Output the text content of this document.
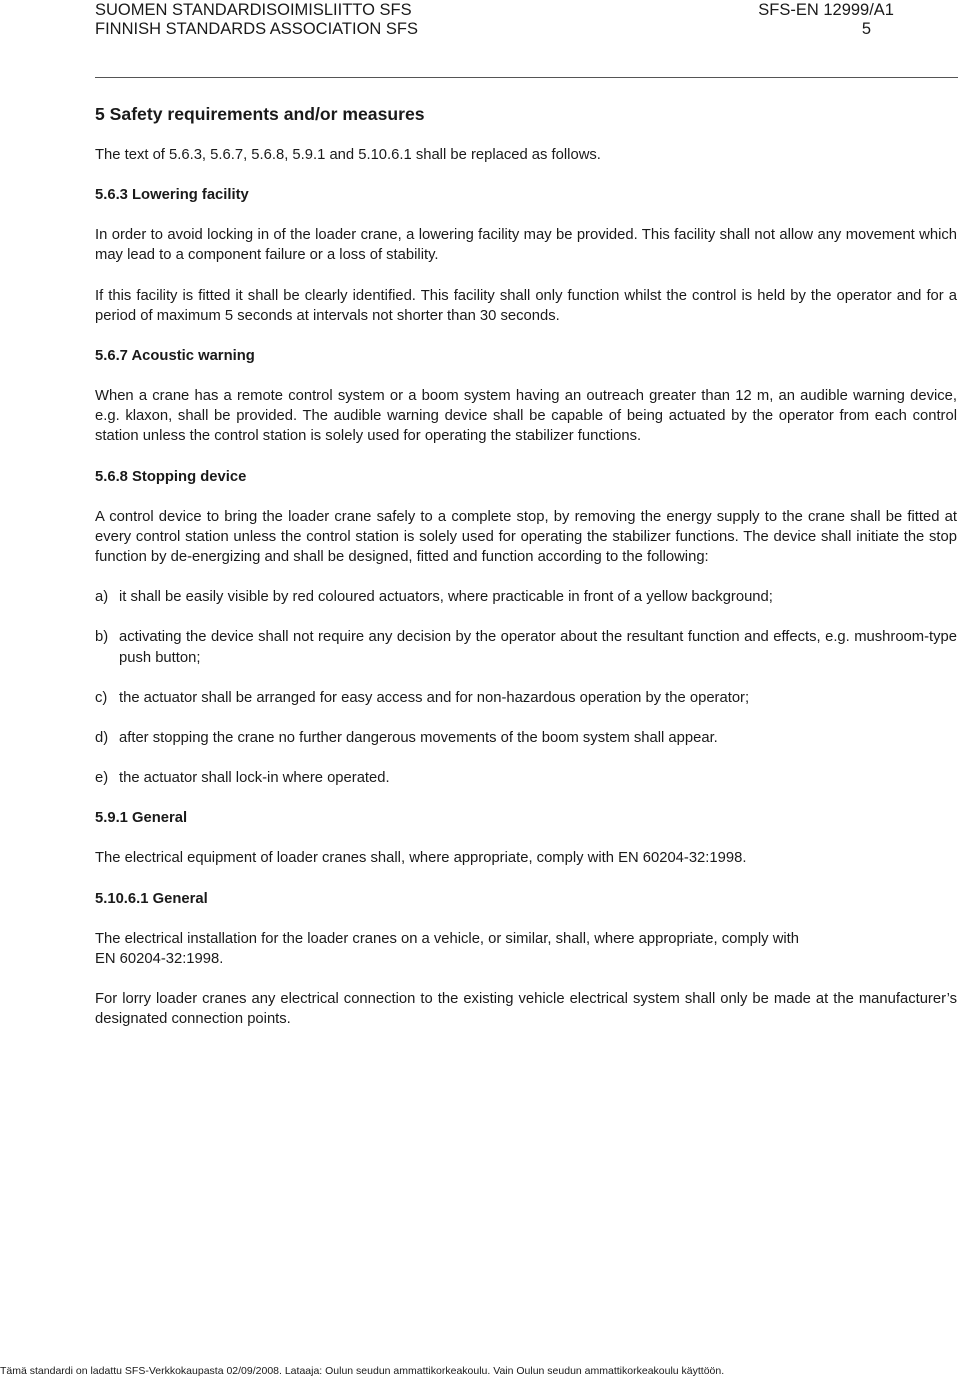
SUOMEN STANDARDISOIMISLIITTO SFS
FINNISH STANDARDS ASSOCIATION SFS
SFS-EN 12999/A1
5
5 Safety requirements and/or measures

The text of 5.6.3, 5.6.7, 5.6.8, 5.9.1 and 5.10.6.1 shall be replaced as follows.

5.6.3 Lowering facility

In order to avoid locking in of the loader crane, a lowering facility may be provided. This facility shall not allow any movement which may lead to a component failure or a loss of stability.

If this facility is fitted it shall be clearly identified. This facility shall only function whilst the control is held by the operator and for a period of maximum 5 seconds at intervals not shorter than 30 seconds.

5.6.7 Acoustic warning

When a crane has a remote control system or a boom system having an outreach greater than 12 m, an audible warning device, e.g. klaxon, shall be provided. The audible warning device shall be capable of being actuated by the operator from each control station unless the control station is solely used for operating the stabilizer functions.

5.6.8 Stopping device

A control device to bring the loader crane safely to a complete stop, by removing the energy supply to the crane shall be fitted at every control station unless the control station is solely used for operating the stabilizer functions. The device shall initiate the stop function by de-energizing and shall be designed, fitted and function according to the following:

a) it shall be easily visible by red coloured actuators, where practicable in front of a yellow background;
b) activating the device shall not require any decision by the operator about the resultant function and effects, e.g. mushroom-type push button;
c) the actuator shall be arranged for easy access and for non-hazardous operation by the operator;
d) after stopping the crane no further dangerous movements of the boom system shall appear.
e) the actuator shall lock-in where operated.
5.9.1 General

The electrical equipment of loader cranes shall, where appropriate, comply with EN 60204-32:1998.

5.10.6.1 General

The electrical installation for the loader cranes on a vehicle, or similar, shall, where appropriate, comply with
EN 60204-32:1998.

For lorry loader cranes any electrical connection to the existing vehicle electrical system shall only be made at the manufacturer’s designated connection points.

Tämä standardi on ladattu SFS-Verkkokaupasta 02/09/2008. Lataaja: Oulun seudun ammattikorkeakoulu. Vain Oulun seudun ammattikorkeakoulu käyttöön.
